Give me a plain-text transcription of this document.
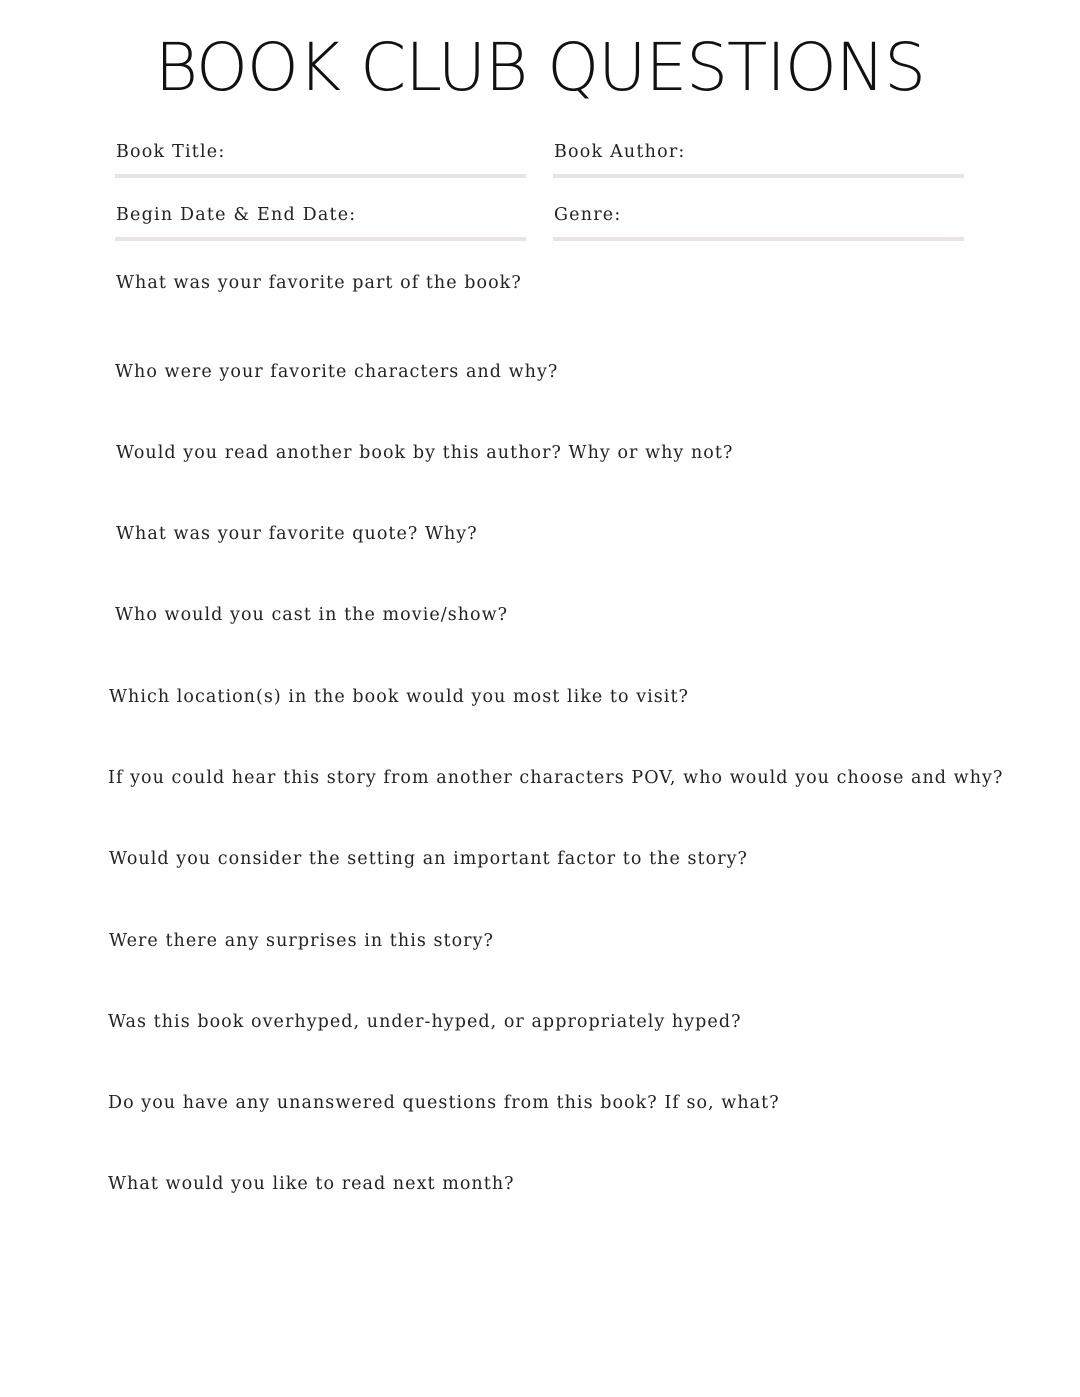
BOOK CLUB QUESTIONS
Book Title:	Book Author:
Begin Date & End Date:	Genre:
What was your favorite part of the book?
Who were your favorite characters and why?
Would you read another book by this author? Why or why not?
What was your favorite quote? Why?
Who would you cast in the movie/show?
Which location(s) in the book would you most like to visit?
If you could hear this story from another characters POV, who would you choose and why?
Would you consider the setting an important factor to the story?
Were there any surprises in this story?
Was this book overhyped, under-hyped, or appropriately hyped?
Do you have any unanswered questions from this book? If so, what?
What would you like to read next month?
